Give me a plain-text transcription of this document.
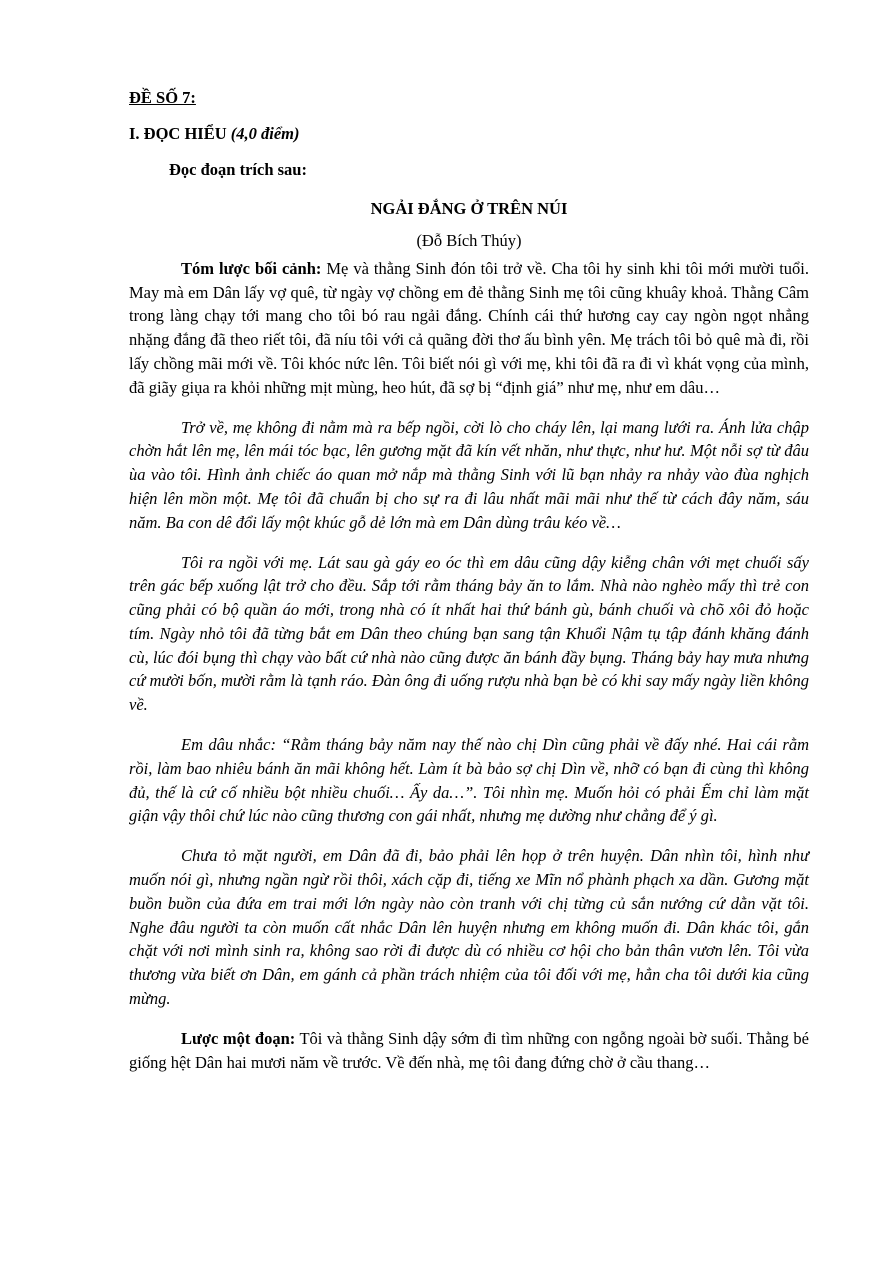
ĐỀ SỐ 7:
I. ĐỌC HIỂU (4,0 điểm)
Đọc đoạn trích sau:
NGẢI ĐẮNG Ở TRÊN NÚI
(Đỗ Bích Thúy)

Tóm lược bối cảnh: Mẹ và thằng Sinh đón tôi trở về. Cha tôi hy sinh khi tôi mới mười tuổi. May mà em Dân lấy vợ quê, từ ngày vợ chồng em đẻ thằng Sinh mẹ tôi cũng khuây khoả. Thằng Câm trong làng chạy tới mang cho tôi bó rau ngải đắng. Chính cái thứ hương cay cay ngòn ngọt nhẳng nhặng đắng đã theo riết tôi, đã níu tôi với cả quãng đời thơ ấu bình yên. Mẹ trách tôi bỏ quê mà đi, rồi lấy chồng mãi mới về. Tôi khóc nức lên. Tôi biết nói gì với mẹ, khi tôi đã ra đi vì khát vọng của mình, đã giãy giụa ra khỏi những mịt mùng, heo hút, đã sợ bị “định giá” như mẹ, như em dâu…

Trở về, mẹ không đi nằm mà ra bếp ngồi, cời lò cho cháy lên, lại mang lưới ra. Ánh lửa chập chờn hắt lên mẹ, lên mái tóc bạc, lên gương mặt đã kín vết nhăn, như thực, như hư. Một nỗi sợ từ đâu ùa vào tôi. Hình ảnh chiếc áo quan mở nắp mà thằng Sinh với lũ bạn nhảy ra nhảy vào đùa nghịch hiện lên mồn một. Mẹ tôi đã chuẩn bị cho sự ra đi lâu nhất mãi mãi như thế từ cách đây năm, sáu năm. Ba con dê đổi lấy một khúc gỗ dẻ lớn mà em Dân dùng trâu kéo về…

Tôi ra ngồi với mẹ. Lát sau gà gáy eo óc thì em dâu cũng dậy kiễng chân với mẹt chuối sấy trên gác bếp xuống lật trở cho đều. Sắp tới rằm tháng bảy ăn to lắm. Nhà nào nghèo mấy thì trẻ con cũng phải có bộ quần áo mới, trong nhà có ít nhất hai thứ bánh gù, bánh chuối và chõ xôi đỏ hoặc tím. Ngày nhỏ tôi đã từng bắt em Dân theo chúng bạn sang tận Khuổi Nậm tụ tập đánh khăng đánh cù, lúc đói bụng thì chạy vào bất cứ nhà nào cũng được ăn bánh đầy bụng. Tháng bảy hay mưa nhưng cứ mười bốn, mười rằm là tạnh ráo. Đàn ông đi uống rượu nhà bạn bè có khi say mấy ngày liền không về.

Em dâu nhắc: “Rằm tháng bảy năm nay thế nào chị Dìn cũng phải về đấy nhé. Hai cái rằm rồi, làm bao nhiêu bánh ăn mãi không hết. Làm ít bà bảo sợ chị Dìn về, nhỡ có bạn đi cùng thì không đủ, thế là cứ cố nhiều bột nhiều chuối… Ấy da…”. Tôi nhìn mẹ. Muốn hỏi có phải Ếm chỉ làm mặt giận vậy thôi chứ lúc nào cũng thương con gái nhất, nhưng mẹ dường như chẳng để ý gì.

Chưa tỏ mặt người, em Dân đã đi, bảo phải lên họp ở trên huyện. Dân nhìn tôi, hình như muốn nói gì, nhưng ngần ngừ rồi thôi, xách cặp đi, tiếng xe Mĩn nổ phành phạch xa dần. Gương mặt buồn buồn của đứa em trai mới lớn ngày nào còn tranh với chị từng củ sắn nướng cứ dằn vặt tôi. Nghe đâu người ta còn muốn cất nhắc Dân lên huyện nhưng em không muốn đi. Dân khác tôi, gắn chặt với nơi mình sinh ra, không sao rời đi được dù có nhiều cơ hội cho bản thân vươn lên. Tôi vừa thương vừa biết ơn Dân, em gánh cả phần trách nhiệm của tôi đối với mẹ, hẳn cha tôi dưới kia cũng mừng.

Lược một đoạn: Tôi và thằng Sinh dậy sớm đi tìm những con ngỗng ngoài bờ suối. Thằng bé giống hệt Dân hai mươi năm về trước. Về đến nhà, mẹ tôi đang đứng chờ ở cầu thang…
